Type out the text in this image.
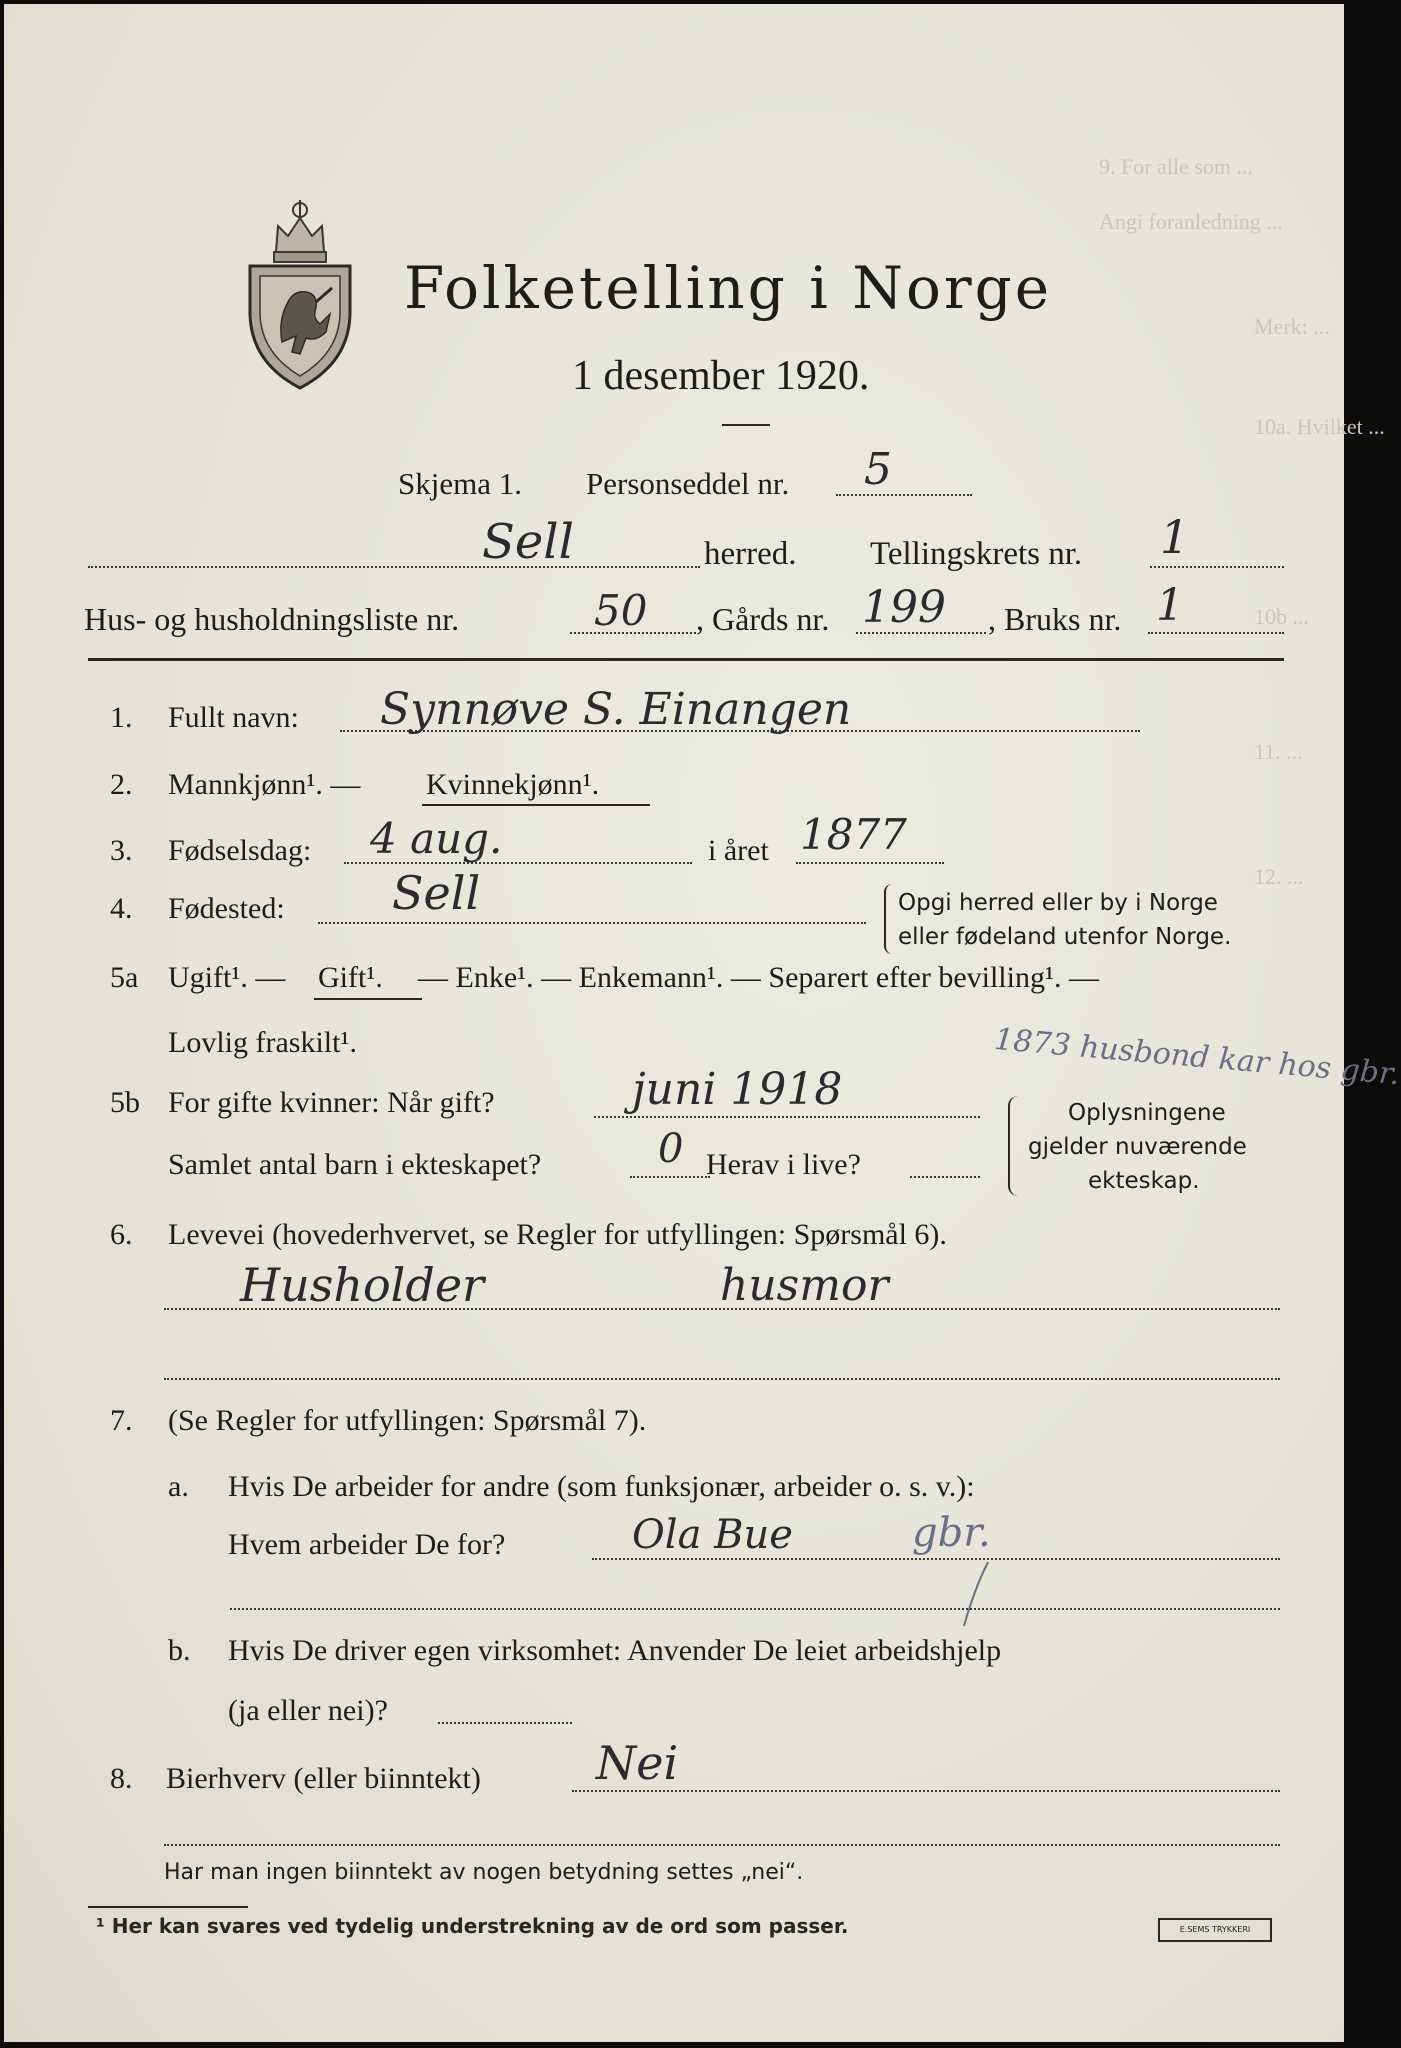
9. For alle som ...
Angi foranledning ...
Merk: ...
10a. Hvilket ...
10b ...
11. ...
12. ...
Folketelling i Norge
1 desember 1920.
Skjema 1. Personseddel nr. 5
Sell	herred. Tellingskrets nr. 1
Hus- og husholdningsliste nr.	50 , Gårds nr. 199 , Bruks nr. 1
1. Fullt navn: Synnøve S. Einangen
2. Mannkjønn¹. — Kvinnekjønn¹.
3. Fødselsdag: 4 aug.	i året 1877
4. Fødested: Sell	Opgi herred eller by i Norge
eller fødeland utenfor Norge.
5a Ugift¹. — Gift¹. — Enke¹. — Enkemann¹. — Separert efter bevilling¹. —
Lovlig fraskilt¹.	1873 husbond kar hos gbr.
5b For gifte kvinner: Når gift?	juni 1918
Samlet antal barn i ekteskapet?	0 Herav i live?
Oplysningene
gjelder nuværende
ekteskap.
6. Levevei (hovederhvervet, se Regler for utfyllingen: Spørsmål 6).
Husholder	husmor
7. (Se Regler for utfyllingen: Spørsmål 7).
a. Hvis De arbeider for andre (som funksjonær, arbeider o. s. v.):
Hvem arbeider De for?	Ola Bue	gbr.
b. Hvis De driver egen virksomhet: Anvender De leiet arbeidshjelp
(ja eller nei)?
8. Bierhverv (eller biinntekt)	Nei
Har man ingen biinntekt av nogen betydning settes „nei“.
¹ Her kan svares ved tydelig understrekning av de ord som passer.	E.SEMS TRYKKERI
